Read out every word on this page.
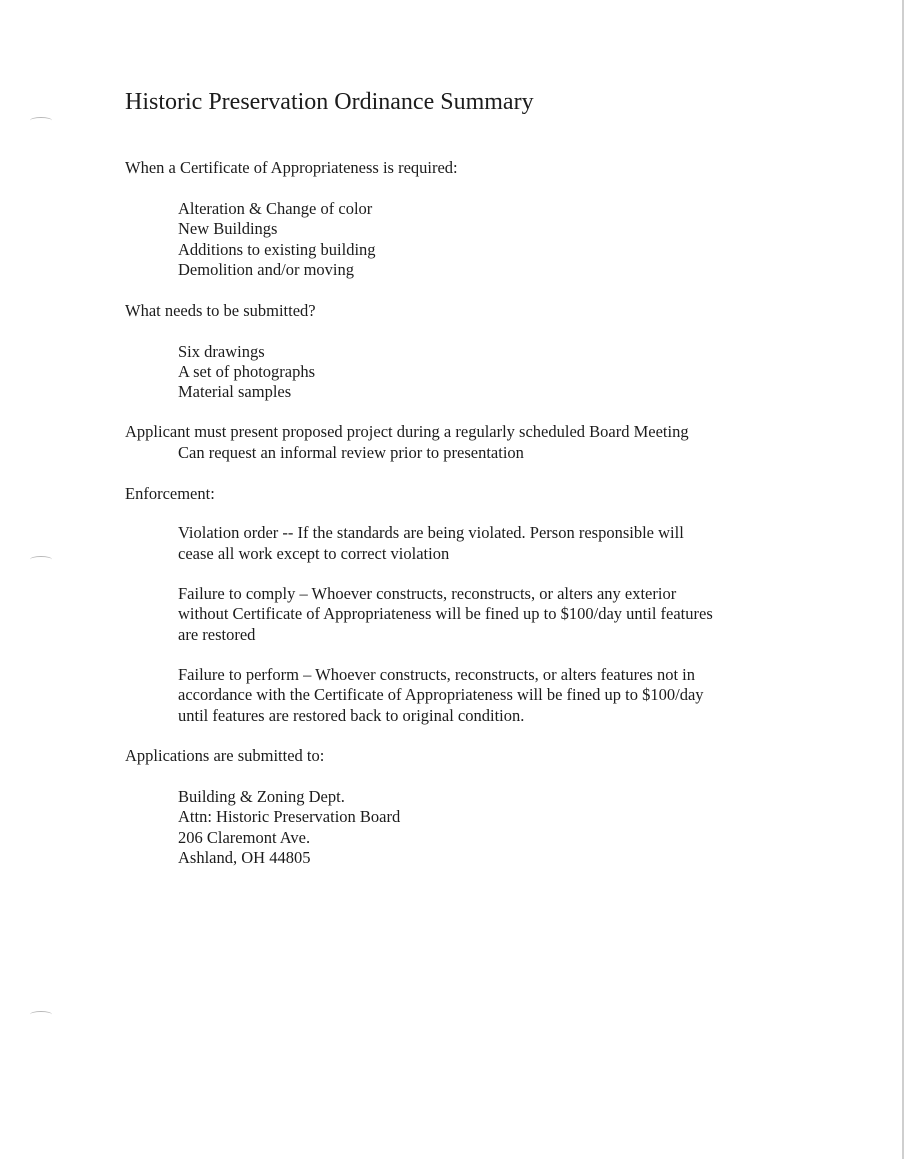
Historic Preservation Ordinance Summary

When a Certificate of Appropriateness is required:

Alteration & Change of color

New Buildings

Additions to existing building

Demolition and/or moving

What needs to be submitted?

Six drawings

A set of photographs

Material samples

Applicant must present proposed project during a regularly scheduled Board Meeting

Can request an informal review prior to presentation

Enforcement:

Violation order -- If the standards are being violated. Person responsible will

cease all work except to correct violation

Failure to comply – Whoever constructs, reconstructs, or alters any exterior

without Certificate of Appropriateness will be fined up to $100/day until features

are restored

Failure to perform – Whoever constructs, reconstructs, or alters features not in

accordance with the Certificate of Appropriateness will be fined up to $100/day

until features are restored back to original condition.

Applications are submitted to:

Building & Zoning Dept.

Attn: Historic Preservation Board

206 Claremont Ave.

Ashland, OH 44805
